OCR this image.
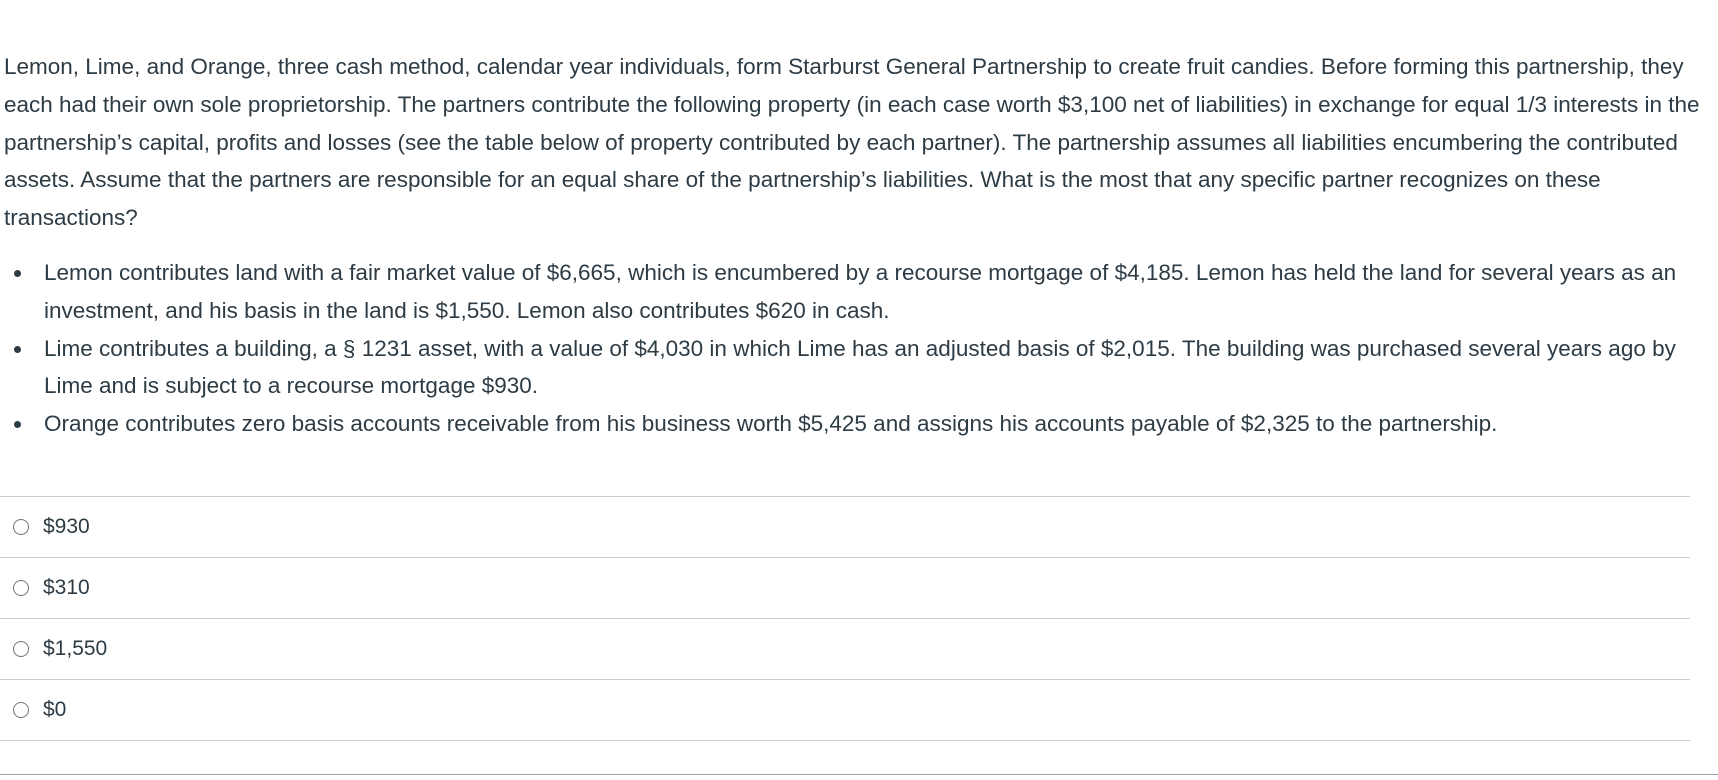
Lemon, Lime, and Orange, three cash method, calendar year individuals, form Starburst General Partnership to create fruit candies. Before forming this partnership, they each had their own sole proprietorship. The partners contribute the following property (in each case worth $3,100 net of liabilities) in exchange for equal 1/3 interests in the partnership’s capital, profits and losses (see the table below of property contributed by each partner). The partnership assumes all liabilities encumbering the contributed assets. Assume that the partners are responsible for an equal share of the partnership’s liabilities. What is the most that any specific partner recognizes on these transactions?

Lemon contributes land with a fair market value of $6,665, which is encumbered by a recourse mortgage of $4,185. Lemon has held the land for several years as an investment, and his basis in the land is $1,550. Lemon also contributes $620 in cash.
Lime contributes a building, a § 1231 asset, with a value of $4,030 in which Lime has an adjusted basis of $2,015. The building was purchased several years ago by Lime and is subject to a recourse mortgage $930.
Orange contributes zero basis accounts receivable from his business worth $5,425 and assigns his accounts payable of $2,325 to the partnership.
$930
$310
$1,550
$0
